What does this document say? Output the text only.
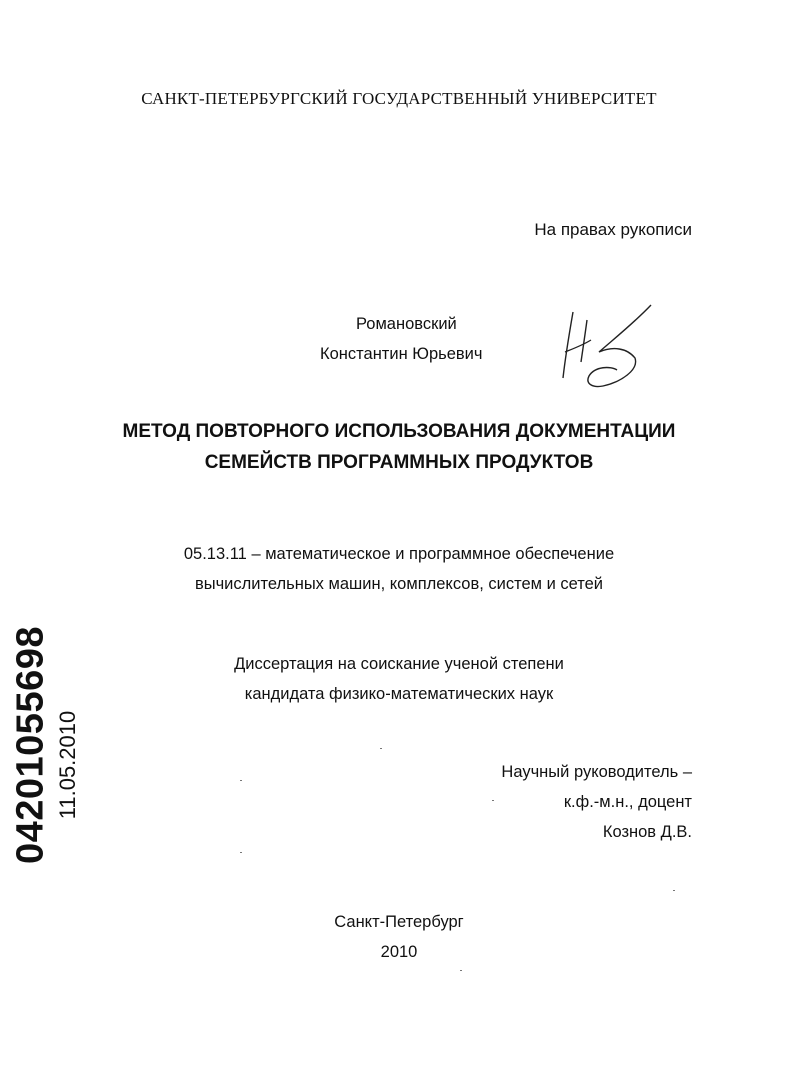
САНКТ-ПЕТЕРБУРГСКИЙ ГОСУДАРСТВЕННЫЙ УНИВЕРСИТЕТ
На правах рукописи
Романовский
Константин Юрьевич
МЕТОД ПОВТОРНОГО ИСПОЛЬЗОВАНИЯ ДОКУМЕНТАЦИИ
СЕМЕЙСТВ ПРОГРАММНЫХ ПРОДУКТОВ
05.13.11 – математическое и программное обеспечение
вычислительных машин, комплексов, систем и сетей
Диссертация на соискание ученой степени
кандидата физико-математических наук
Научный руководитель –
к.ф.-м.н., доцент
Кознов Д.В.
Санкт-Петербург
2010
04201055698 11.05.2010
